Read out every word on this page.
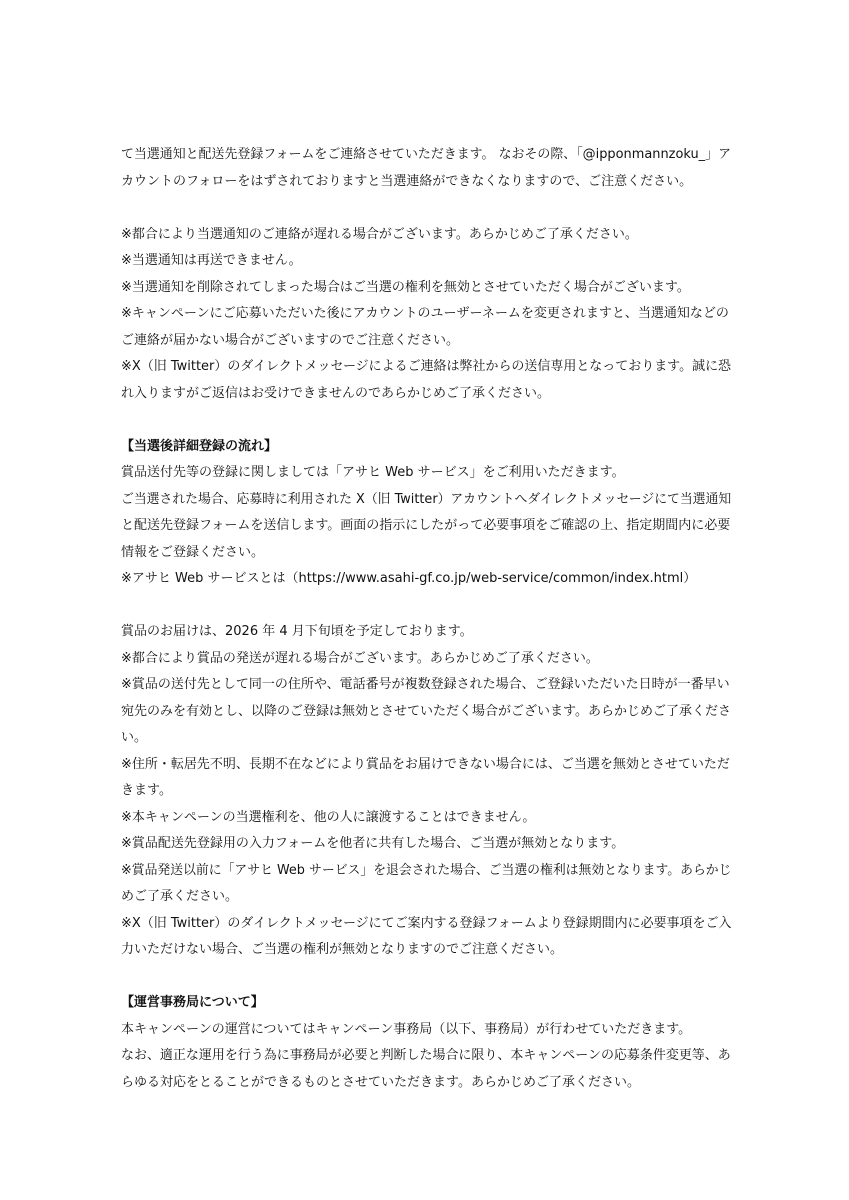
て当選通知と配送先登録フォームをご連絡させていただきます。 なおその際、「@ipponmannzoku_」ア
カウントのフォローをはずされておりますと当選連絡ができなくなりますので、ご注意ください。
※都合により当選通知のご連絡が遅れる場合がございます。あらかじめご了承ください。
※当選通知は再送できません。
※当選通知を削除されてしまった場合はご当選の権利を無効とさせていただく場合がございます。
※キャンペーンにご応募いただいた後にアカウントのユーザーネームを変更されますと、当選通知などの
ご連絡が届かない場合がございますのでご注意ください。
※X（旧 Twitter）のダイレクトメッセージによるご連絡は弊社からの送信専用となっております。誠に恐
れ入りますがご返信はお受けできませんのであらかじめご了承ください。
【当選後詳細登録の流れ】
賞品送付先等の登録に関しましては「アサヒ Web サービス」をご利用いただきます。
ご当選された場合、応募時に利用された X（旧 Twitter）アカウントへダイレクトメッセージにて当選通知
と配送先登録フォームを送信します。画面の指示にしたがって必要事項をご確認の上、指定期間内に必要
情報をご登録ください。
※アサヒ Web サービスとは（https://www.asahi-gf.co.jp/web-service/common/index.html）
賞品のお届けは、2026 年 4 月下旬頃を予定しております。
※都合により賞品の発送が遅れる場合がございます。あらかじめご了承ください。
※賞品の送付先として同一の住所や、電話番号が複数登録された場合、ご登録いただいた日時が一番早い
宛先のみを有効とし、以降のご登録は無効とさせていただく場合がございます。あらかじめご了承くださ
い。
※住所・転居先不明、長期不在などにより賞品をお届けできない場合には、ご当選を無効とさせていただ
きます。
※本キャンペーンの当選権利を、他の人に譲渡することはできません。
※賞品配送先登録用の入力フォームを他者に共有した場合、ご当選が無効となります。
※賞品発送以前に「アサヒ Web サービス」を退会された場合、ご当選の権利は無効となります。あらかじ
めご了承ください。
※X（旧 Twitter）のダイレクトメッセージにてご案内する登録フォームより登録期間内に必要事項をご入
力いただけない場合、ご当選の権利が無効となりますのでご注意ください。
【運営事務局について】
本キャンペーンの運営についてはキャンペーン事務局（以下、事務局）が行わせていただきます。
なお、適正な運用を行う為に事務局が必要と判断した場合に限り、本キャンペーンの応募条件変更等、あ
らゆる対応をとることができるものとさせていただきます。あらかじめご了承ください。
